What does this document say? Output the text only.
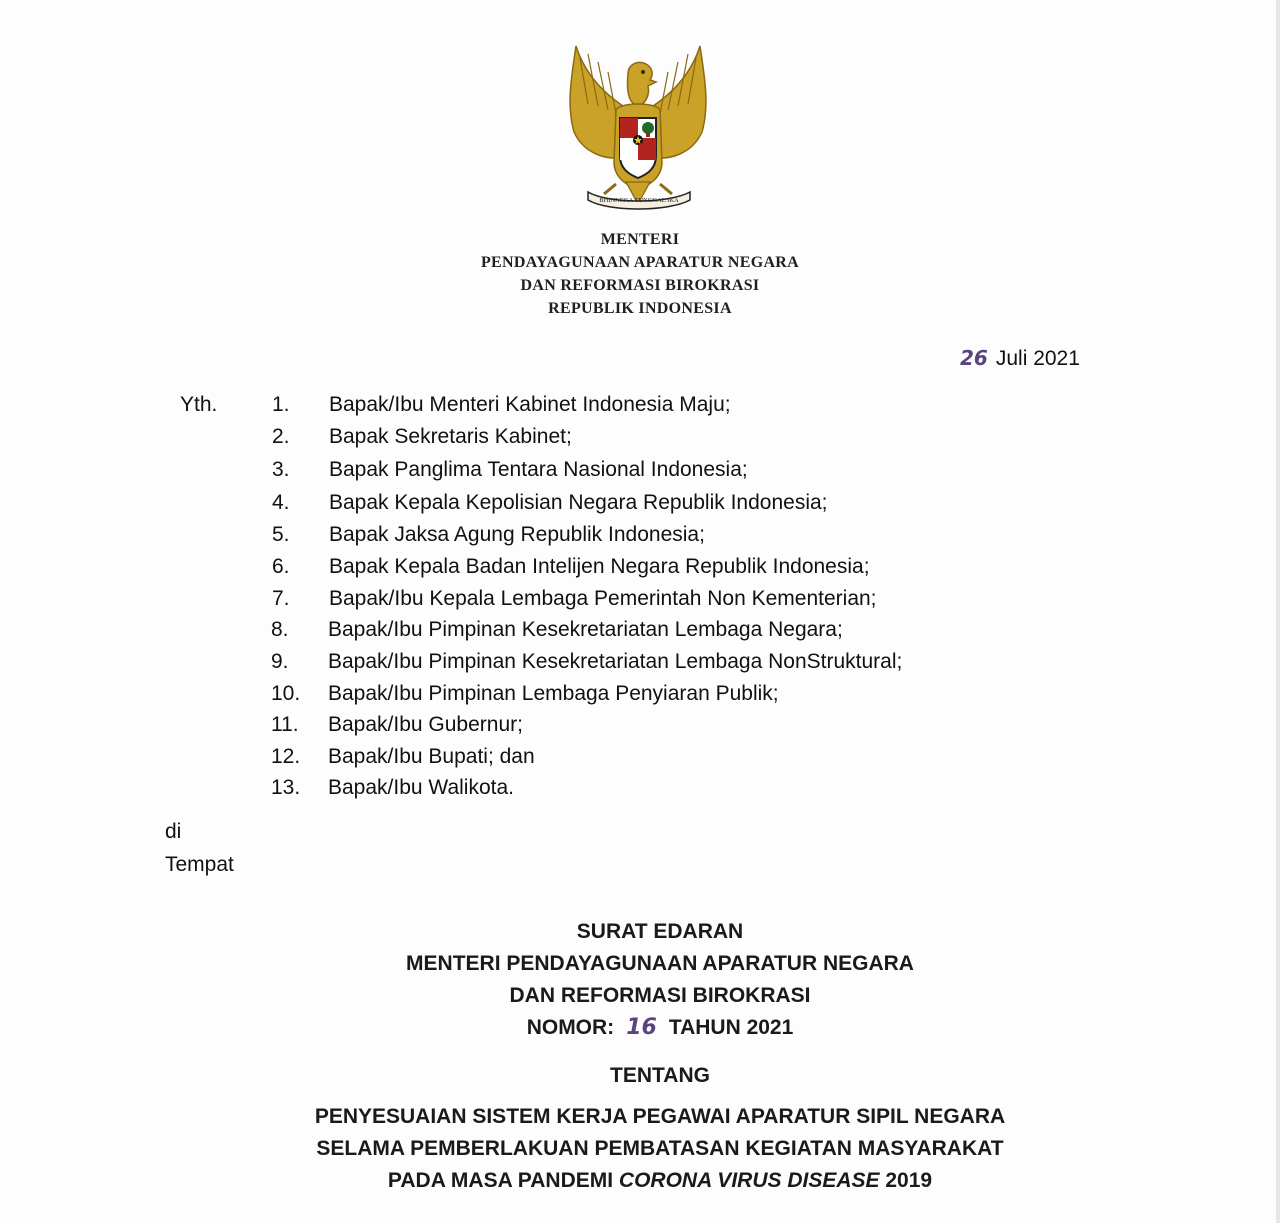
BHINNEKA TUNGGAL IKA
MENTERI
PENDAYAGUNAAN APARATUR NEGARA
DAN REFORMASI BIROKRASI
REPUBLIK INDONESIA
26 Juli 2021
Yth.	1. Bapak/Ibu Menteri Kabinet Indonesia Maju;
2. Bapak Sekretaris Kabinet;
3. Bapak Panglima Tentara Nasional Indonesia;
4. Bapak Kepala Kepolisian Negara Republik Indonesia;
5. Bapak Jaksa Agung Republik Indonesia;
6. Bapak Kepala Badan Intelijen Negara Republik Indonesia;
7. Bapak/Ibu Kepala Lembaga Pemerintah Non Kementerian;
8. Bapak/Ibu Pimpinan Kesekretariatan Lembaga Negara;
9. Bapak/Ibu Pimpinan Kesekretariatan Lembaga NonStruktural;
10. Bapak/Ibu Pimpinan Lembaga Penyiaran Publik;
11. Bapak/Ibu Gubernur;
12. Bapak/Ibu Bupati; dan
13. Bapak/Ibu Walikota.
di
Tempat
SURAT EDARAN
MENTERI PENDAYAGUNAAN APARATUR NEGARA
DAN REFORMASI BIROKRASI
NOMOR: 16 TAHUN 2021
TENTANG
PENYESUAIAN SISTEM KERJA PEGAWAI APARATUR SIPIL NEGARA
SELAMA PEMBERLAKUAN PEMBATASAN KEGIATAN MASYARAKAT
PADA MASA PANDEMI CORONA VIRUS DISEASE 2019
